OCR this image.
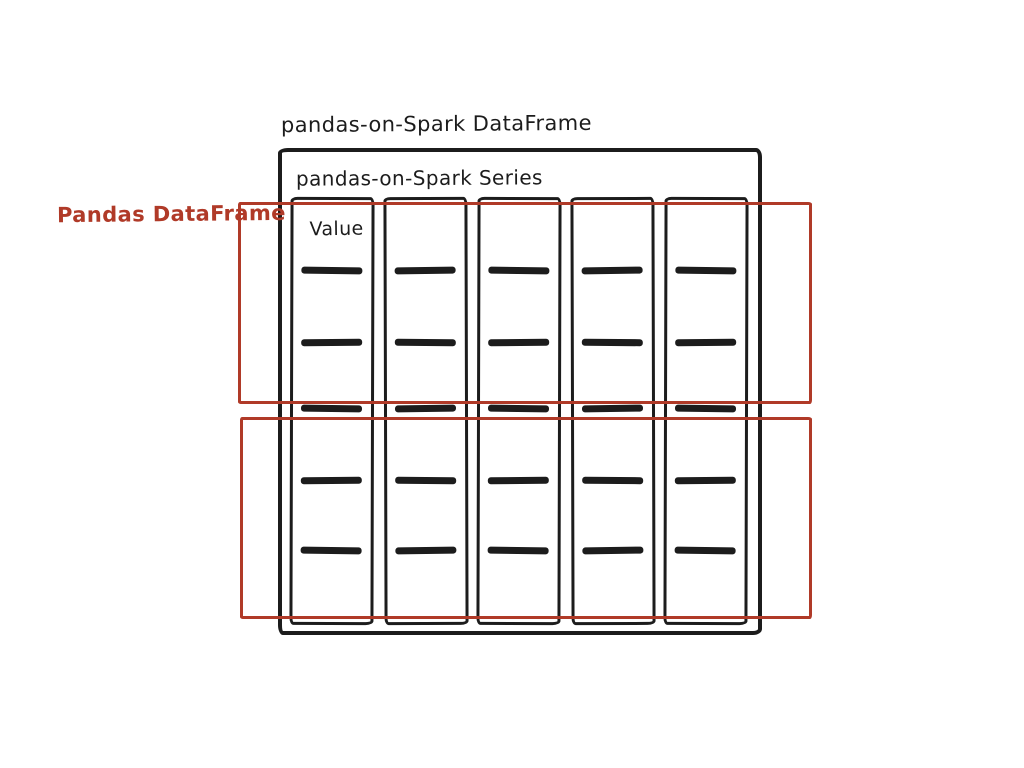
pandas-on-Spark DataFrame
pandas-on-Spark Series
Value
Pandas DataFrame
